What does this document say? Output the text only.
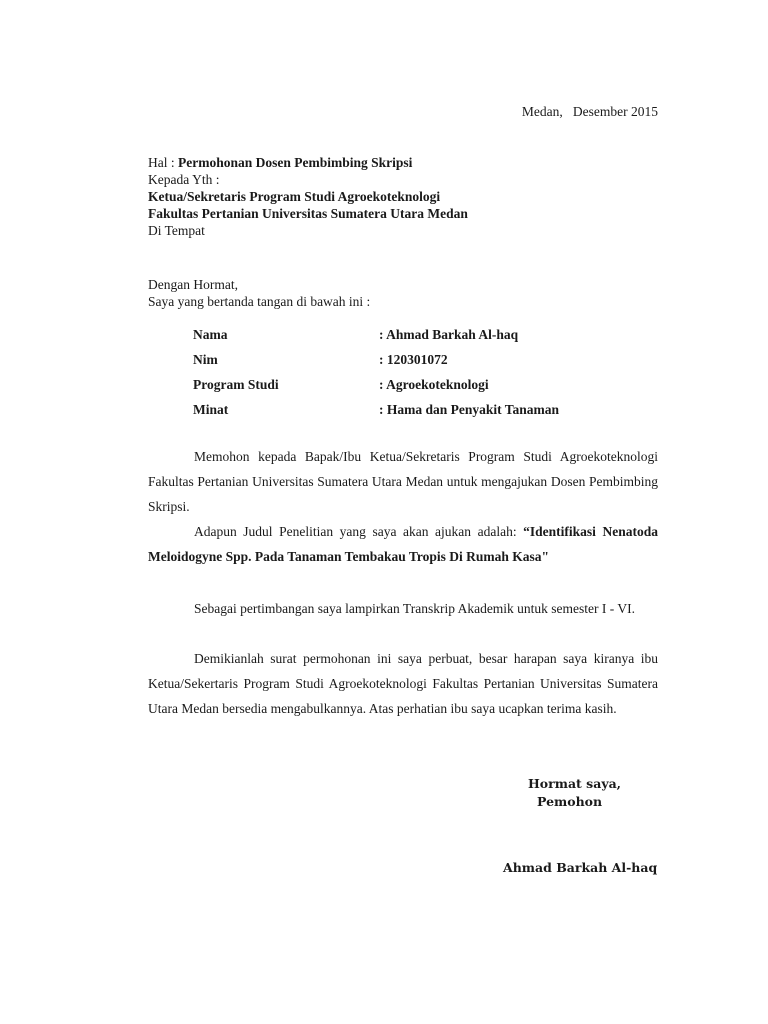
Medan,   Desember 2015
Hal : Permohonan Dosen Pembimbing Skripsi
Kepada Yth :
Ketua/Sekretaris Program Studi Agroekoteknologi
Fakultas Pertanian Universitas Sumatera Utara Medan
Di Tempat
Dengan Hormat,
Saya yang bertanda tangan di bawah ini :
Nama	: Ahmad Barkah Al-haq
Nim	: 120301072
Program Studi	: Agroekoteknologi
Minat	: Hama dan Penyakit Tanaman
Memohon kepada Bapak/Ibu Ketua/Sekretaris Program Studi Agroekoteknologi Fakultas Pertanian Universitas Sumatera Utara Medan untuk mengajukan Dosen Pembimbing Skripsi.
Adapun Judul Penelitian yang saya akan ajukan adalah: “Identifikasi Nenatoda Meloidogyne Spp. Pada Tanaman Tembakau Tropis Di Rumah Kasa"
Sebagai pertimbangan saya lampirkan Transkrip Akademik untuk semester I - VI.
Demikianlah surat permohonan ini saya perbuat, besar harapan saya kiranya ibu Ketua/Sekertaris Program Studi Agroekoteknologi Fakultas Pertanian Universitas Sumatera Utara Medan bersedia mengabulkannya. Atas perhatian ibu saya ucapkan terima kasih.
Hormat saya,
Pemohon
Ahmad Barkah Al-haq
